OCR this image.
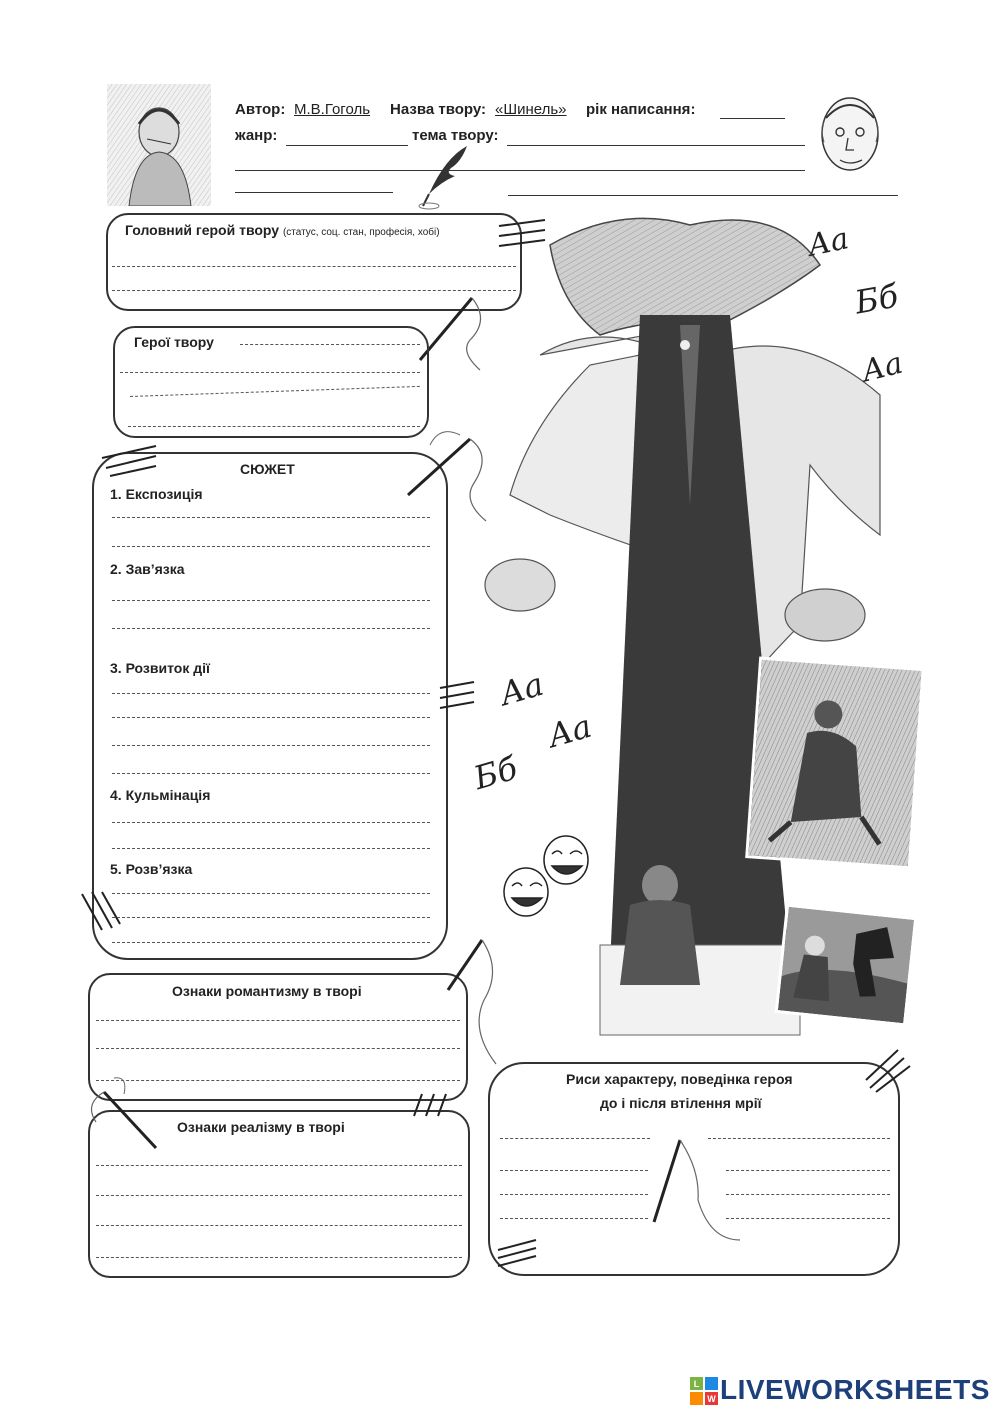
Автор: М.В.Гоголь Назва твору: «Шинель» рік написання:
жанр:	тема твору:
Аа
Бб
Аа
Аа
Аа
Бб
Головний герой твору (статус, соц. стан, професія, хобі)
Герої твору
СЮЖЕТ
1. Експозиція
2. Зав’язка
3. Розвиток дії
4. Кульмінація
5. Розв’язка
Ознаки романтизму в творі
Ознаки реалізму в творі
Риси характеру, поведінка героя
до і після втілення мрії
L
W LIVEWORKSHEETS
